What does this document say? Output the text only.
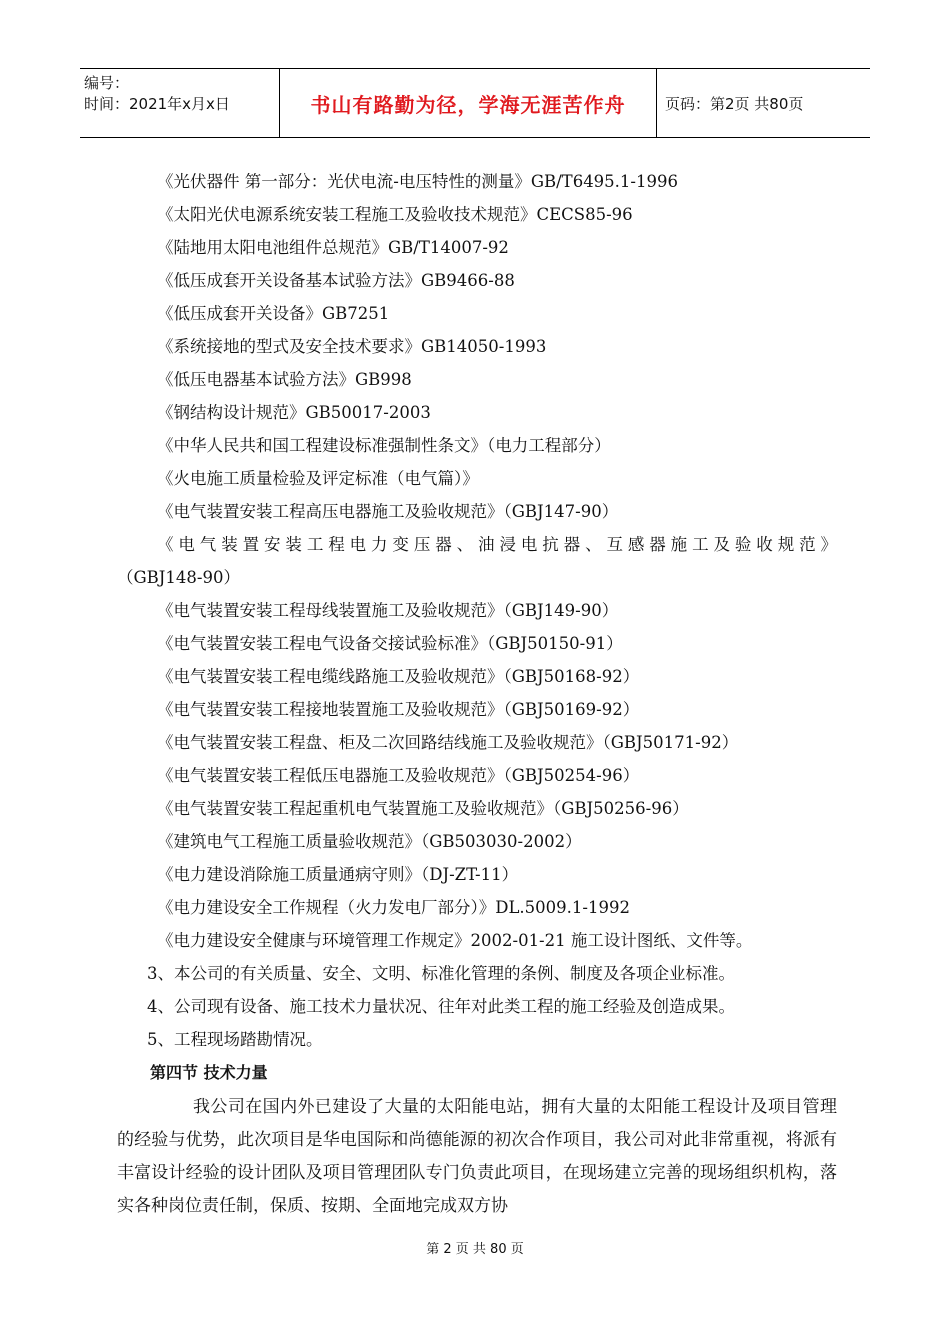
编号：
时间：2021年x月x日	书山有路勤为径，学海无涯苦作舟	页码：第2页 共80页
《光伏器件 第一部分：光伏电流-电压特性的测量》GB/T6495.1-1996
《太阳光伏电源系统安装工程施工及验收技术规范》CECS85-96
《陆地用太阳电池组件总规范》GB/T14007-92
《低压成套开关设备基本试验方法》GB9466-88
《低压成套开关设备》GB7251
《系统接地的型式及安全技术要求》GB14050-1993
《低压电器基本试验方法》GB998
《钢结构设计规范》GB50017-2003
《中华人民共和国工程建设标准强制性条文》（电力工程部分）
《火电施工质量检验及评定标准（电气篇）》
《电气装置安装工程高压电器施工及验收规范》（GBJ147-90）
《电气装置安装工程电力变压器、油浸电抗器、互感器施工及验收规范》
（GBJ148-90）
《电气装置安装工程母线装置施工及验收规范》（GBJ149-90）
《电气装置安装工程电气设备交接试验标准》（GBJ50150-91）
《电气装置安装工程电缆线路施工及验收规范》（GBJ50168-92）
《电气装置安装工程接地装置施工及验收规范》（GBJ50169-92）
《电气装置安装工程盘、柜及二次回路结线施工及验收规范》（GBJ50171-92）
《电气装置安装工程低压电器施工及验收规范》（GBJ50254-96）
《电气装置安装工程起重机电气装置施工及验收规范》（GBJ50256-96）
《建筑电气工程施工质量验收规范》（GB503030-2002）
《电力建设消除施工质量通病守则》（DJ-ZT-11）
《电力建设安全工作规程（火力发电厂部分）》DL.5009.1-1992
《电力建设安全健康与环境管理工作规定》2002-01-21 施工设计图纸、文件等。
3、本公司的有关质量、安全、文明、标准化管理的条例、制度及各项企业标准。
4、公司现有设备、施工技术力量状况、往年对此类工程的施工经验及创造成果。
5、工程现场踏勘情况。
第四节 技术力量
我公司在国内外已建设了大量的太阳能电站，拥有大量的太阳能工程设计及项目管理的经验与优势，此次项目是华电国际和尚德能源的初次合作项目，我公司对此非常重视，将派有丰富设计经验的设计团队及项目管理团队专门负责此项目，在现场建立完善的现场组织机构，落实各种岗位责任制，保质、按期、全面地完成双方协
第 2 页 共 80 页
